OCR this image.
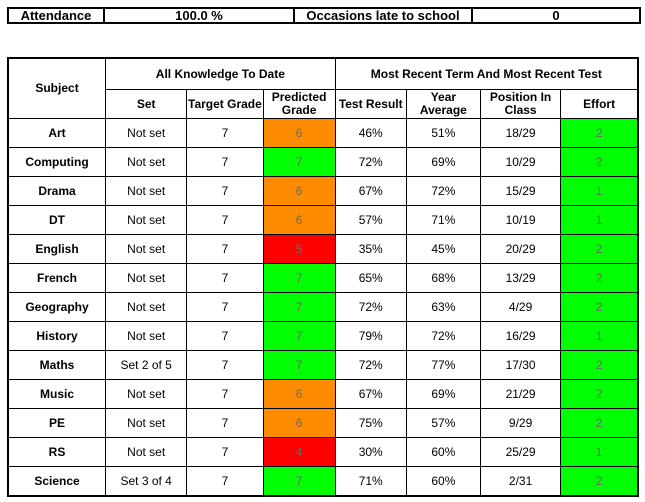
Attendance	100.0 %	Occasions late to school	0
Subject	All Knowledge To Date			Most Recent Term And Most Recent Test			
	Set	Target Grade	Predicted Grade	Test Result	Year Average	Position In Class	Effort
Art	Not set	7	6	46%	51%	18/29	2
Computing	Not set	7	7	72%	69%	10/29	2
Drama	Not set	7	6	67%	72%	15/29	1
DT	Not set	7	6	57%	71%	10/19	1
English	Not set	7	5	35%	45%	20/29	2
French	Not set	7	7	65%	68%	13/29	2
Geography	Not set	7	7	72%	63%	4/29	2
History	Not set	7	7	79%	72%	16/29	1
Maths	Set 2 of 5	7	7	72%	77%	17/30	2
Music	Not set	7	6	67%	69%	21/29	2
PE	Not set	7	6	75%	57%	9/29	2
RS	Not set	7	4	30%	60%	25/29	1
Science	Set 3 of 4	7	7	71%	60%	2/31	2
